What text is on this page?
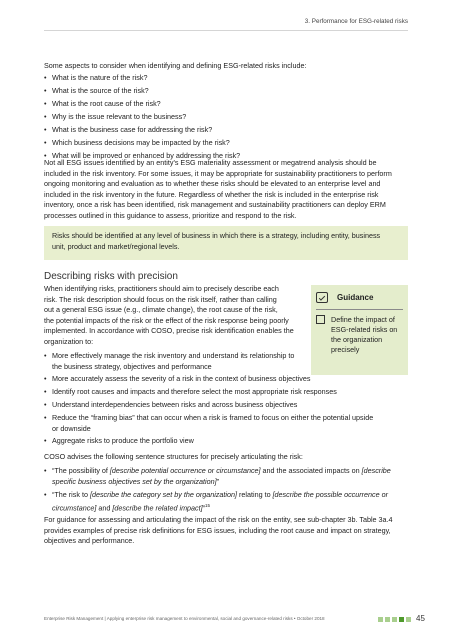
3. Performance for ESG-related risks

Some aspects to consider when identifying and defining ESG-related risks include:

• What is the nature of the risk?
• What is the source of the risk?
• What is the root cause of the risk?
• Why is the issue relevant to the business?
• What is the business case for addressing the risk?
• Which business decisions may be impacted by the risk?
• What will be improved or enhanced by addressing the risk?
Not all ESG issues identified by an entity's ESG materiality assessment or megatrend analysis should be
included in the risk inventory. For some issues, it may be appropriate for sustainability practitioners to perform
ongoing monitoring and evaluation as to whether these risks should be elevated to an enterprise level and
included in the risk inventory in the future. Regardless of whether the risk is included in the enterprise risk
inventory, once a risk has been identified, risk management and sustainability practitioners can deploy ERM
processes outlined in this guidance to assess, prioritize and respond to the risk.
Risks should be identified at any level of business in which there is a strategy, including entity, business
unit, product and market/regional levels.
Describing risks with precision
When identifying risks, practitioners should aim to precisely describe each
risk. The risk description should focus on the risk itself, rather than calling
out a general ESG issue (e.g., climate change), the root cause of the risk,
the potential impacts of the risk or the effect of the risk response being poorly
implemented. In accordance with COSO, precise risk identification enables the
organization to:
Guidance
Define the impact of
ESG-related risks on
the organization
precisely
• More effectively manage the risk inventory and understand its relationship to
the business strategy, objectives and performance
• More accurately assess the severity of a risk in the context of business objectives
• Identify root causes and impacts and therefore select the most appropriate risk responses
• Understand interdependencies between risks and across business objectives
• Reduce the “framing bias” that can occur when a risk is framed to focus on either the potential upside
or downside
• Aggregate risks to produce the portfolio view
COSO advises the following sentence structures for precisely articulating the risk:
• “The possibility of [describe potential occurrence or circumstance] and the associated impacts on [describe
specific business objectives set by the organization]”
• “The risk to [describe the category set by the organization] relating to [describe the possible occurrence or
circumstance] and [describe the related impact]”$^{15}$
For guidance for assessing and articulating the impact of the risk on the entity, see sub-chapter 3b. Table 3a.4
provides examples of precise risk definitions for ESG issues, including the root cause and impact on strategy,
objectives and performance.
Enterprise Risk Management | Applying enterprise risk management to environmental, social and governance-related risks • October 2018	45
